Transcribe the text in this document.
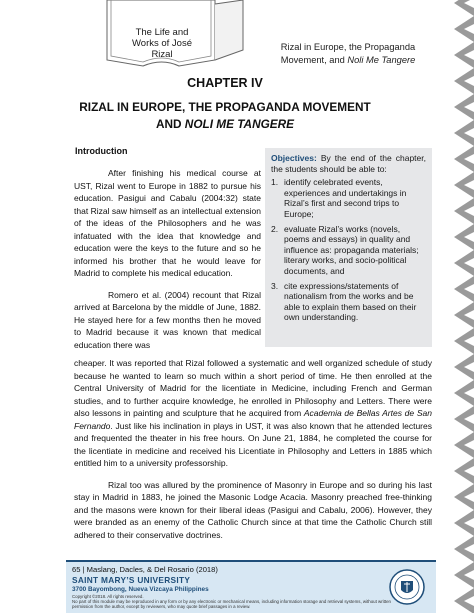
The Life and
Works of José
Rizal
Rizal in Europe, the Propaganda
Movement, and Noli Me Tangere
CHAPTER IV
RIZAL IN EUROPE, THE PROPAGANDA MOVEMENT
AND NOLI ME TANGERE
Introduction

After finishing his medical course at UST, Rizal went to Europe in 1882 to pursue his education. Pasigui and Cabalu (2004:32) state that Rizal saw himself as an intellectual extension of the ideas of the Philosophers and he was infatuated with the idea that knowledge and education were the keys to the future and so he informed his brother that he would leave for Madrid to complete his medical education.

Romero et al. (2004) recount that Rizal arrived at Barcelona by the middle of June, 1882. He stayed here for a few months then he moved to Madrid because it was known that medical education there was

Objectives: By the end of the chapter, the students should be able to:

1. identify celebrated events, experiences and undertakings in Rizal’s first and second trips to Europe;
2. evaluate Rizal’s works (novels, poems and essays) in quality and influence as: propaganda materials; literary works, and socio-political documents, and
3. cite expressions/statements of nationalism from the works and be able to explain them based on their own understanding.

cheaper. It was reported that Rizal followed a systematic and well organized schedule of study because he wanted to learn so much within a short period of time. He then enrolled at the Central University of Madrid for the licentiate in Medicine, including French and German studies, and to further acquire knowledge, he enrolled in Philosophy and Letters. There were also lessons in painting and sculpture that he acquired from Academia de Bellas Artes de San Fernando. Just like his inclination in plays in UST, it was also known that he attended lectures and frequented the theater in his free hours. On June 21, 1884, he completed the course for the licentiate in medicine and received his Licentiate in Philosophy and Letters in 1885 which entitled him to a university professorship.

Rizal too was allured by the prominence of Masonry in Europe and so during his last stay in Madrid in 1883, he joined the Masonic Lodge Acacia. Masonry preached free-thinking and the masons were known for their liberal ideas (Pasigui and Cabalu, 2006). However, they were branded as an enemy of the Catholic Church since at that time the Catholic Church still adhered to their conservative doctrines.

65 | Maslang, Dacles, & Del Rosario (2018)
SAINT MARY’S UNIVERSITY
3700 Bayombong, Nueva Vizcaya Philippines
Copyright ©2018. All rights reserved.
No part of this module may be reproduced in any form or by any electronic or mechanical means, including information storage and retrieval systems, without written permission from the author, except by reviewers, who may quote brief passages in a review.
